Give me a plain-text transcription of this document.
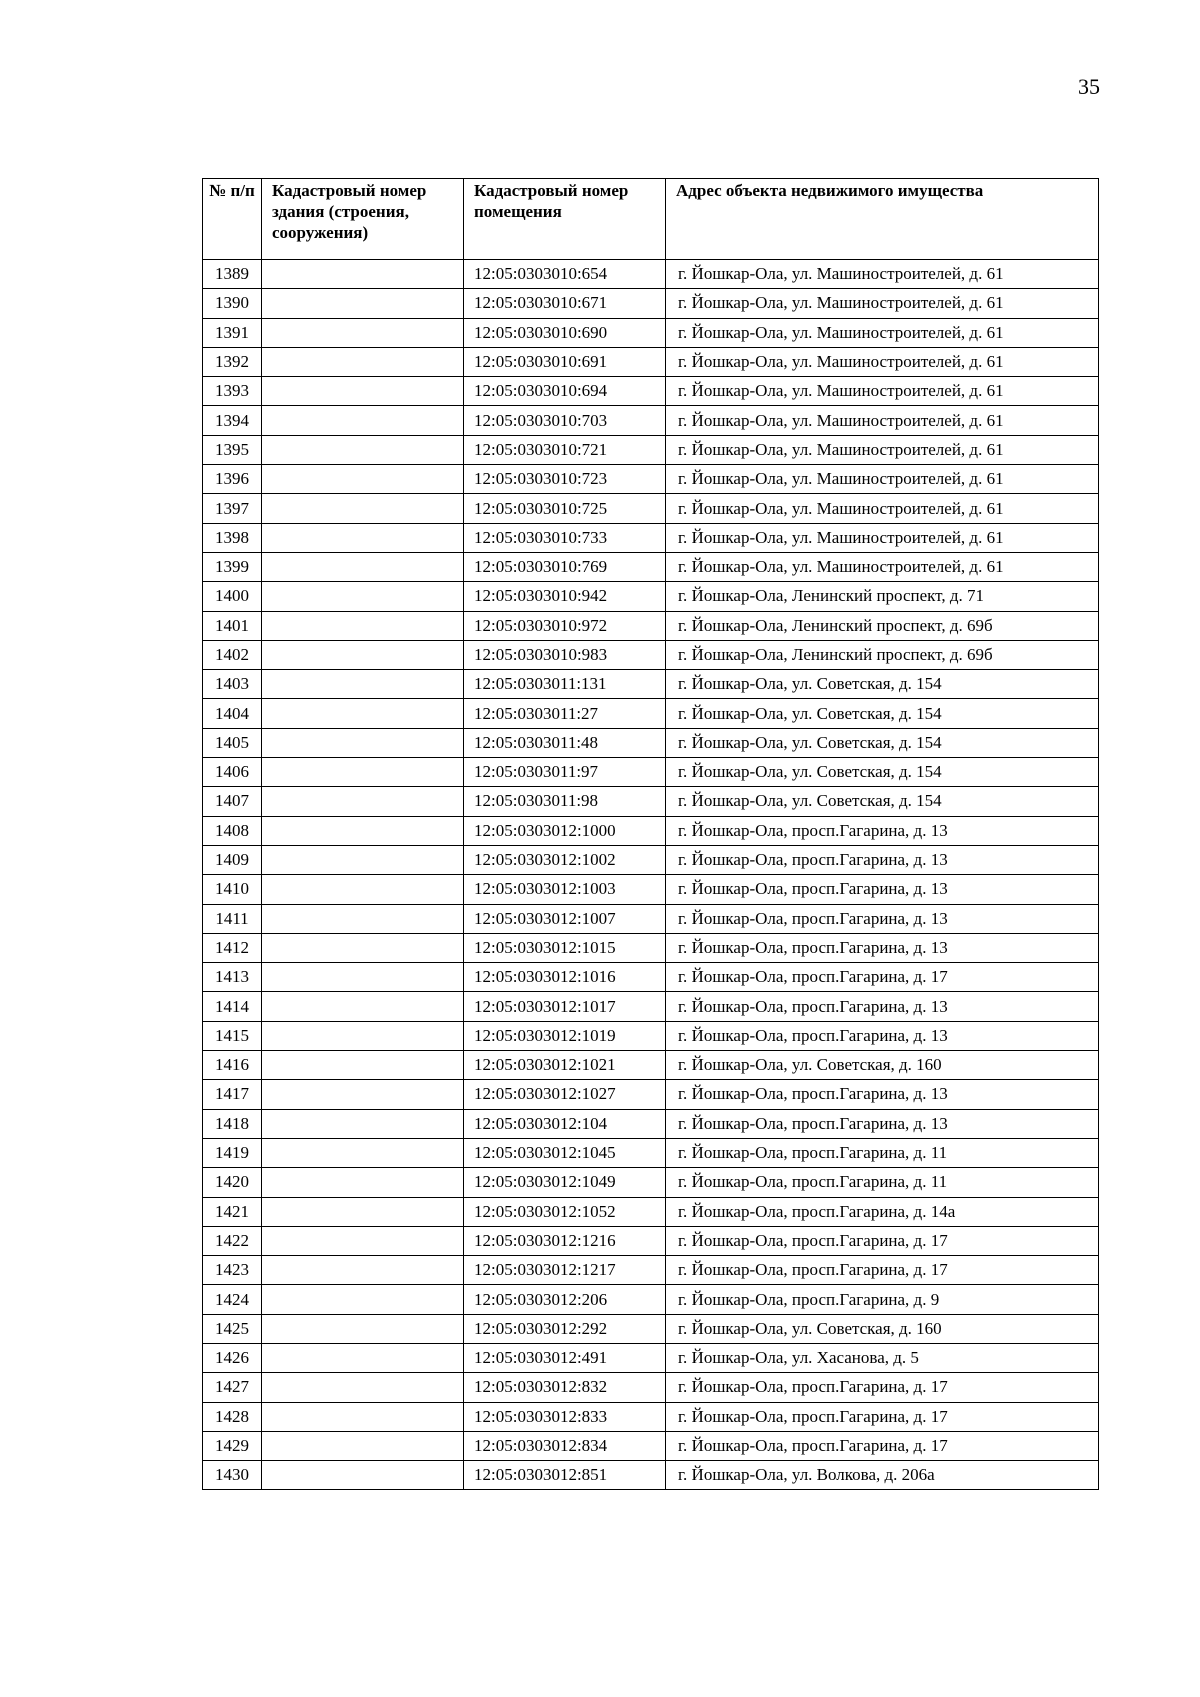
35
№ п/п	Кадастровый номер здания (строения, сооружения)	Кадастровый номер помещения	Адрес объекта недвижимого имущества
1389		12:05:0303010:654	г. Йошкар-Ола, ул. Машиностроителей, д. 61
1390		12:05:0303010:671	г. Йошкар-Ола, ул. Машиностроителей, д. 61
1391		12:05:0303010:690	г. Йошкар-Ола, ул. Машиностроителей, д. 61
1392		12:05:0303010:691	г. Йошкар-Ола, ул. Машиностроителей, д. 61
1393		12:05:0303010:694	г. Йошкар-Ола, ул. Машиностроителей, д. 61
1394		12:05:0303010:703	г. Йошкар-Ола, ул. Машиностроителей, д. 61
1395		12:05:0303010:721	г. Йошкар-Ола, ул. Машиностроителей, д. 61
1396		12:05:0303010:723	г. Йошкар-Ола, ул. Машиностроителей, д. 61
1397		12:05:0303010:725	г. Йошкар-Ола, ул. Машиностроителей, д. 61
1398		12:05:0303010:733	г. Йошкар-Ола, ул. Машиностроителей, д. 61
1399		12:05:0303010:769	г. Йошкар-Ола, ул. Машиностроителей, д. 61
1400		12:05:0303010:942	г. Йошкар-Ола, Ленинский проспект, д. 71
1401		12:05:0303010:972	г. Йошкар-Ола, Ленинский проспект, д. 69б
1402		12:05:0303010:983	г. Йошкар-Ола, Ленинский проспект, д. 69б
1403		12:05:0303011:131	г. Йошкар-Ола, ул. Советская, д. 154
1404		12:05:0303011:27	г. Йошкар-Ола, ул. Советская, д. 154
1405		12:05:0303011:48	г. Йошкар-Ола, ул. Советская, д. 154
1406		12:05:0303011:97	г. Йошкар-Ола, ул. Советская, д. 154
1407		12:05:0303011:98	г. Йошкар-Ола, ул. Советская, д. 154
1408		12:05:0303012:1000	г. Йошкар-Ола, просп.Гагарина, д. 13
1409		12:05:0303012:1002	г. Йошкар-Ола, просп.Гагарина, д. 13
1410		12:05:0303012:1003	г. Йошкар-Ола, просп.Гагарина, д. 13
1411		12:05:0303012:1007	г. Йошкар-Ола, просп.Гагарина, д. 13
1412		12:05:0303012:1015	г. Йошкар-Ола, просп.Гагарина, д. 13
1413		12:05:0303012:1016	г. Йошкар-Ола, просп.Гагарина, д. 17
1414		12:05:0303012:1017	г. Йошкар-Ола, просп.Гагарина, д. 13
1415		12:05:0303012:1019	г. Йошкар-Ола, просп.Гагарина, д. 13
1416		12:05:0303012:1021	г. Йошкар-Ола, ул. Советская, д. 160
1417		12:05:0303012:1027	г. Йошкар-Ола, просп.Гагарина, д. 13
1418		12:05:0303012:104	г. Йошкар-Ола, просп.Гагарина, д. 13
1419		12:05:0303012:1045	г. Йошкар-Ола, просп.Гагарина, д. 11
1420		12:05:0303012:1049	г. Йошкар-Ола, просп.Гагарина, д. 11
1421		12:05:0303012:1052	г. Йошкар-Ола, просп.Гагарина, д. 14а
1422		12:05:0303012:1216	г. Йошкар-Ола, просп.Гагарина, д. 17
1423		12:05:0303012:1217	г. Йошкар-Ола, просп.Гагарина, д. 17
1424		12:05:0303012:206	г. Йошкар-Ола, просп.Гагарина, д. 9
1425		12:05:0303012:292	г. Йошкар-Ола, ул. Советская, д. 160
1426		12:05:0303012:491	г. Йошкар-Ола, ул. Хасанова, д. 5
1427		12:05:0303012:832	г. Йошкар-Ола, просп.Гагарина, д. 17
1428		12:05:0303012:833	г. Йошкар-Ола, просп.Гагарина, д. 17
1429		12:05:0303012:834	г. Йошкар-Ола, просп.Гагарина, д. 17
1430		12:05:0303012:851	г. Йошкар-Ола, ул. Волкова, д. 206а
